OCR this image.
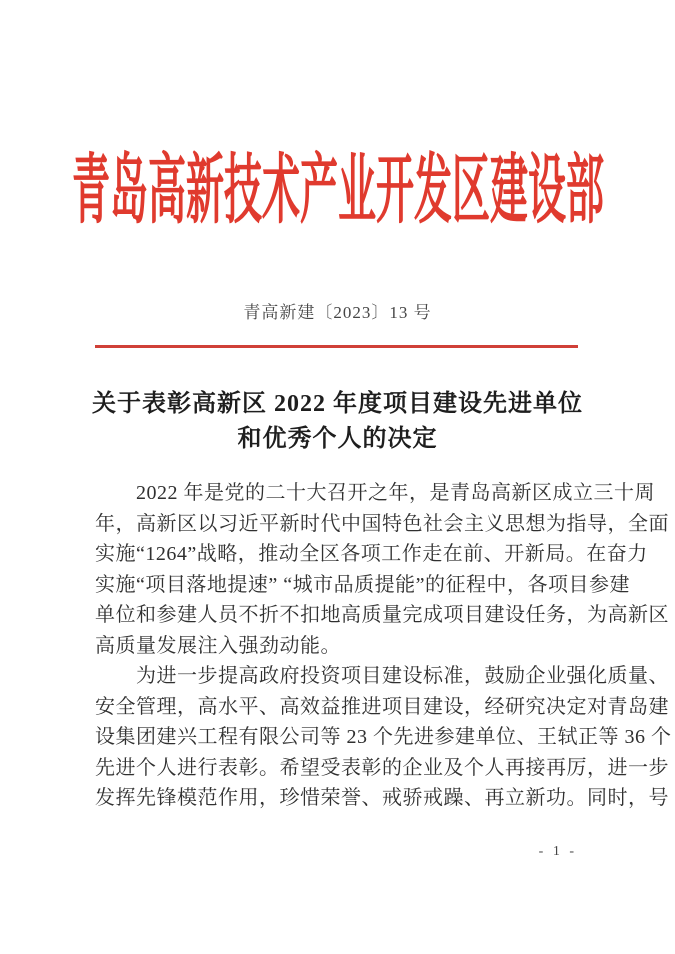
青岛高新技术产业开发区建设部
青高新建〔2023〕13 号
关于表彰高新区 2022 年度项目建设先进单位
和优秀个人的决定
　　2022 年是党的二十大召开之年，是青岛高新区成立三十周
年，高新区以习近平新时代中国特色社会主义思想为指导，全面
实施“1264”战略，推动全区各项工作走在前、开新局。在奋力
实施“项目落地提速” “城市品质提能”的征程中，各项目参建
单位和参建人员不折不扣地高质量完成项目建设任务，为高新区
高质量发展注入强劲动能。
　　为进一步提高政府投资项目建设标准，鼓励企业强化质量、
安全管理，高水平、高效益推进项目建设，经研究决定对青岛建
设集团建兴工程有限公司等 23 个先进参建单位、王轼正等 36 个
先进个人进行表彰。希望受表彰的企业及个人再接再厉，进一步
发挥先锋模范作用，珍惜荣誉、戒骄戒躁、再立新功。同时，号
- 1 -
